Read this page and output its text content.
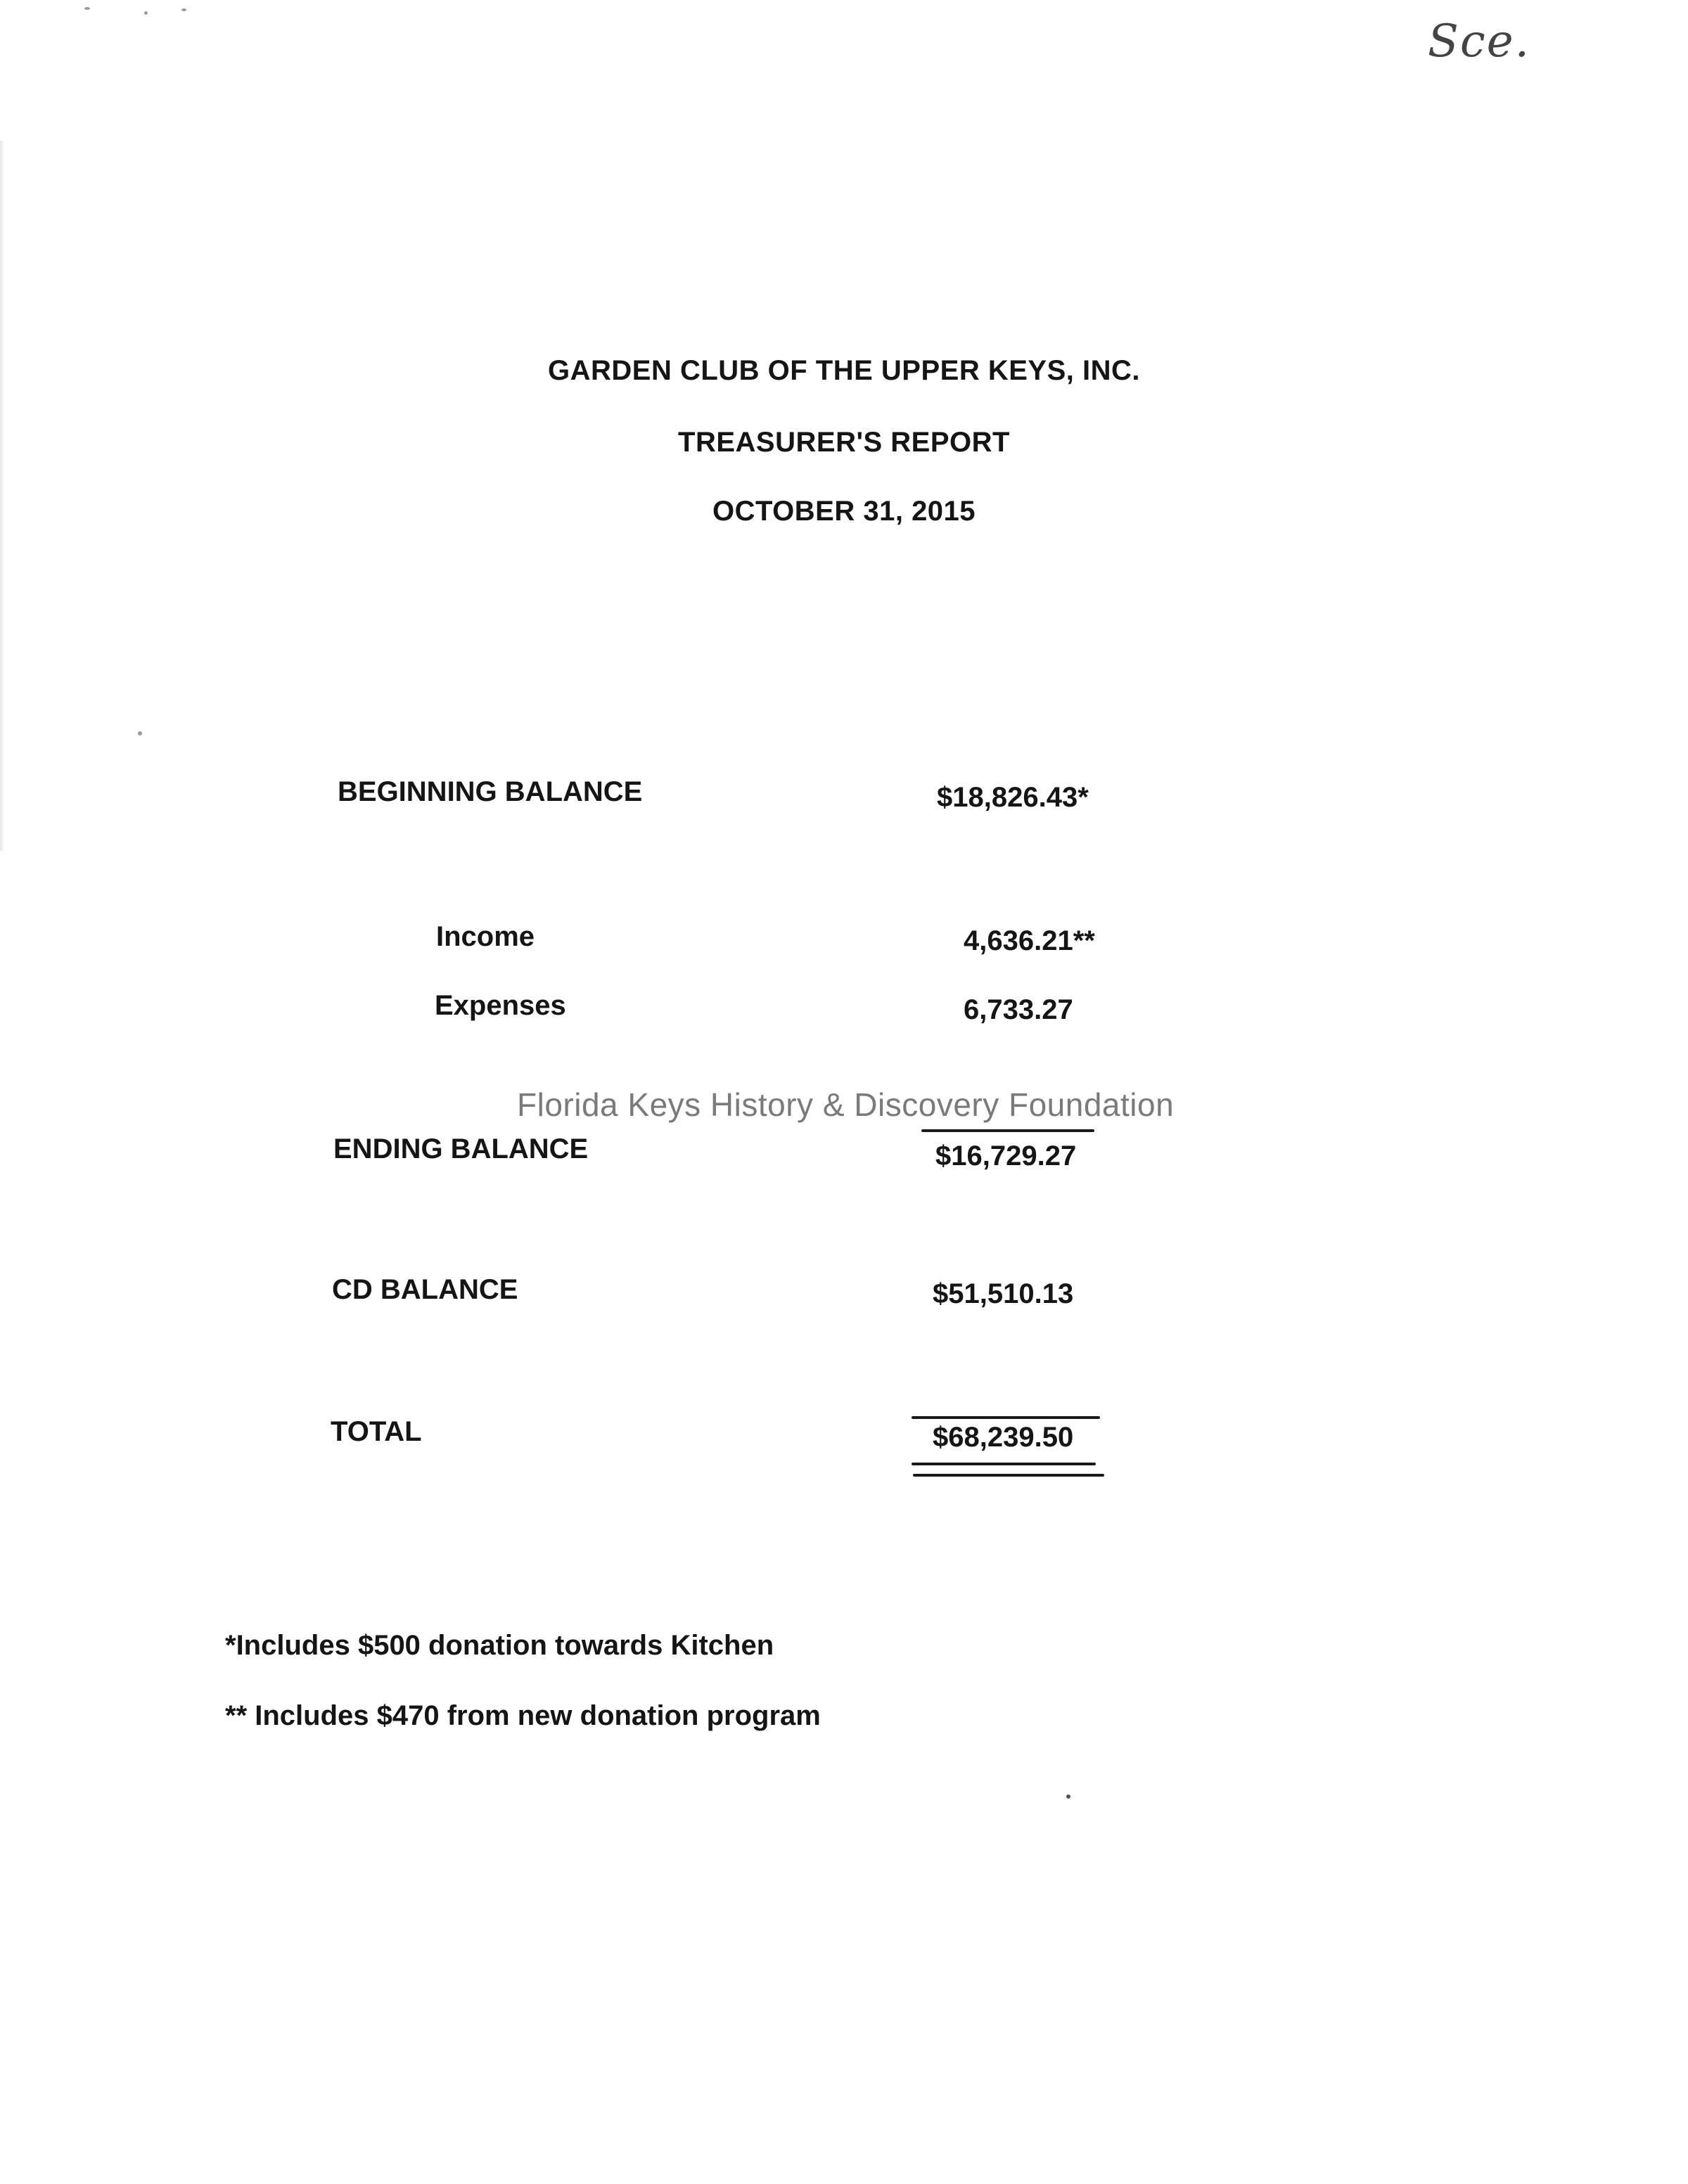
Sce.
GARDEN CLUB OF THE UPPER KEYS, INC.
TREASURER'S REPORT
OCTOBER 31, 2015
BEGINNING BALANCE	$18,826.43*
Income	4,636.21**
Expenses	6,733.27
Florida Keys History & Discovery Foundation
ENDING BALANCE	$16,729.27
CD BALANCE	$51,510.13
TOTAL	$68,239.50
*Includes $500 donation towards Kitchen
** Includes $470 from new donation program
